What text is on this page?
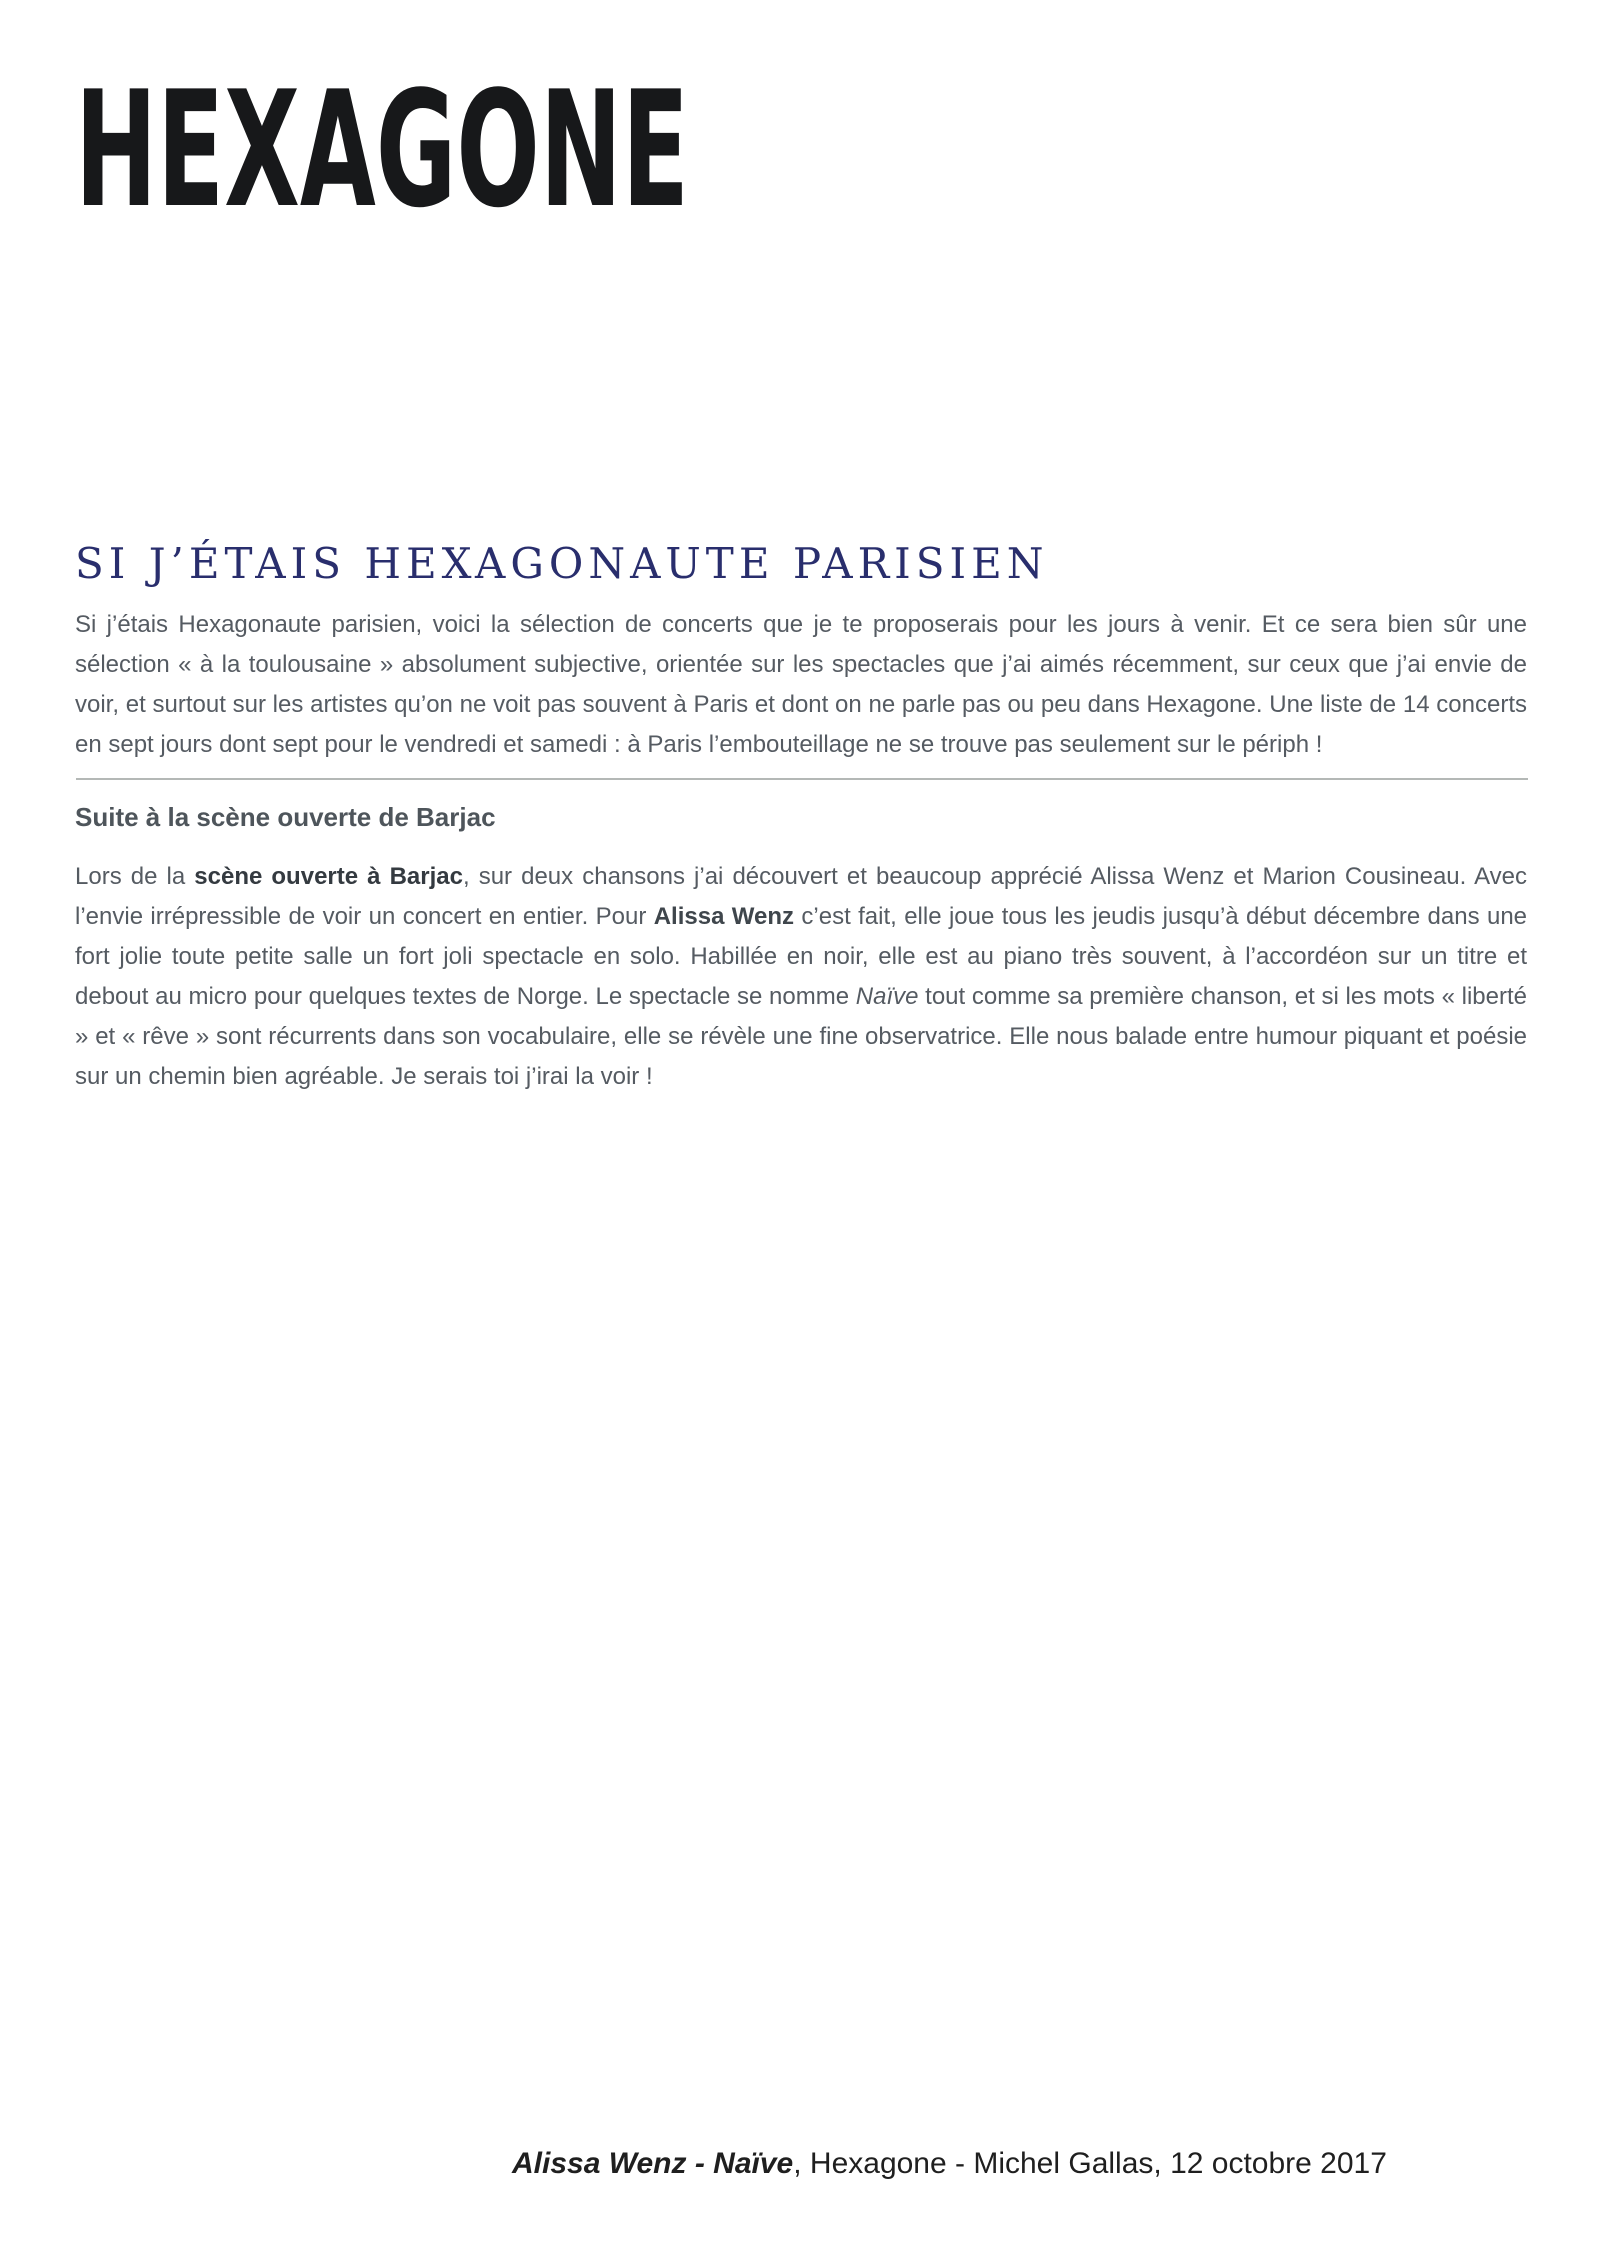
HEXAGONE
SI J’ÉTAIS HEXAGONAUTE PARISIEN

Si j’étais Hexagonaute parisien, voici la sélection de concerts que je te proposerais pour les jours à venir. Et ce sera bien sûr une sélection « à la toulousaine » absolument subjective, orientée sur les spectacles que j’ai aimés récemment, sur ceux que j’ai envie de voir, et surtout sur les artistes qu’on ne voit pas souvent à Paris et dont on ne parle pas ou peu dans Hexagone. Une liste de 14 concerts en sept jours dont sept pour le vendredi et samedi : à Paris l’embouteillage ne se trouve pas seulement sur le périph !

Suite à la scène ouverte de Barjac

Lors de la scène ouverte à Barjac, sur deux chansons j’ai découvert et beaucoup apprécié Alissa Wenz et Marion Cousineau. Avec l’envie irrépressible de voir un concert en entier. Pour Alissa Wenz c’est fait, elle joue tous les jeudis jusqu’à début décembre dans une fort jolie toute petite salle un fort joli spectacle en solo. Habillée en noir, elle est au piano très souvent, à l’accordéon sur un titre et debout au micro pour quelques textes de Norge. Le spectacle se nomme Naïve tout comme sa première chanson, et si les mots « liberté » et « rêve » sont récurrents dans son vocabulaire, elle se révèle une fine observatrice. Elle nous balade entre humour piquant et poésie sur un chemin bien agréable. Je serais toi j’irai la voir !

Alissa Wenz - Naïve, Hexagone - Michel Gallas, 12 octobre 2017
